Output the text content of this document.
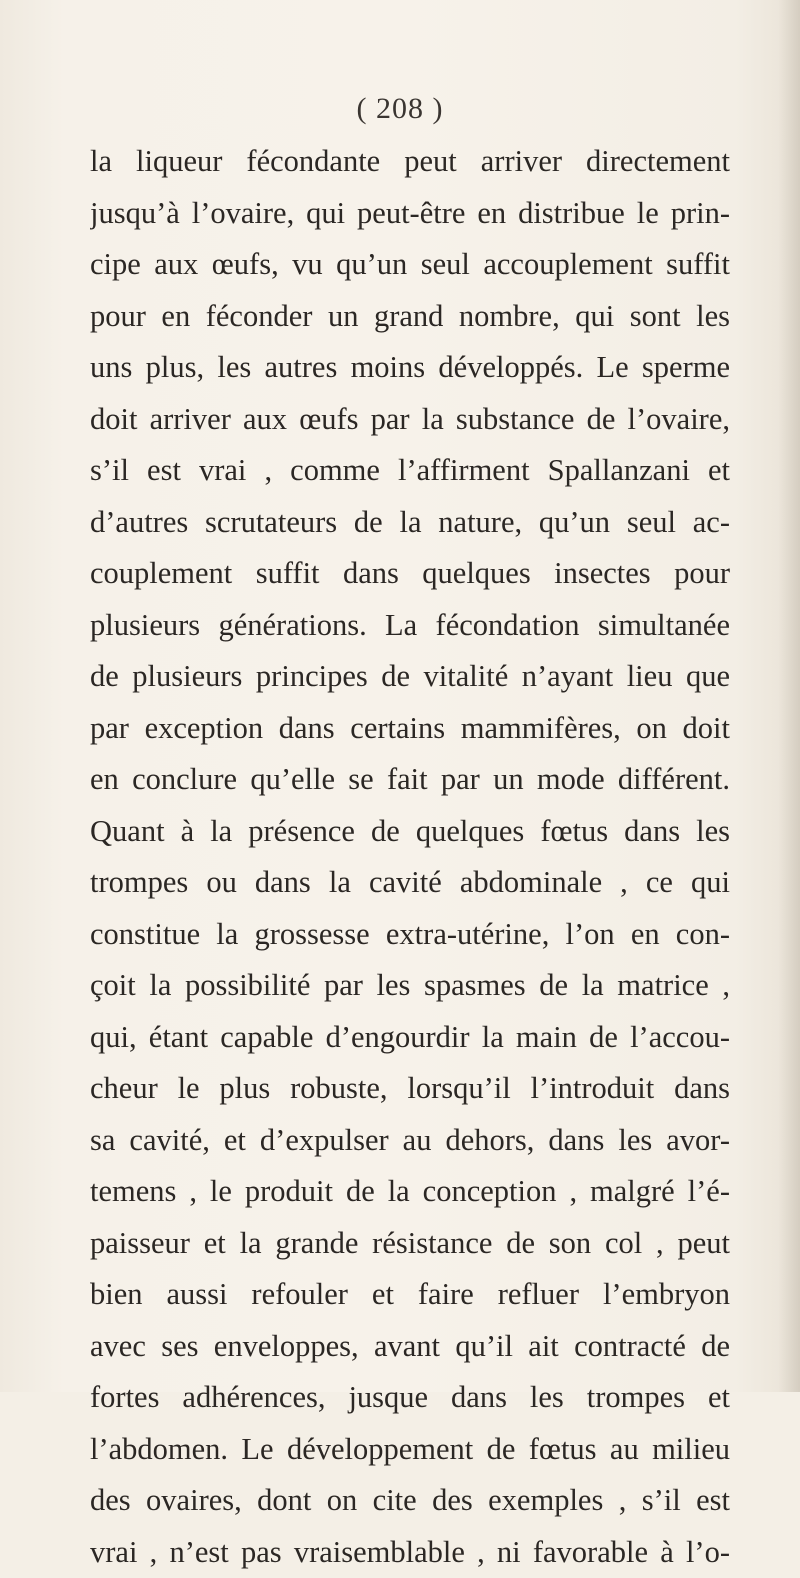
( 208 )
la liqueur fécondante peut arriver directement
jusqu’à l’ovaire, qui peut-être en distribue le prin-
cipe aux œufs, vu qu’un seul accouplement suffit
pour en féconder un grand nombre, qui sont les
uns plus, les autres moins développés. Le sperme
doit arriver aux œufs par la substance de l’ovaire,
s’il est vrai , comme l’affirment Spallanzani et
d’autres scrutateurs de la nature, qu’un seul ac-
couplement suffit dans quelques insectes pour
plusieurs générations. La fécondation simultanée
de plusieurs principes de vitalité n’ayant lieu que
par exception dans certains mammifères, on doit
en conclure qu’elle se fait par un mode différent.
Quant à la présence de quelques fœtus dans les
trompes ou dans la cavité abdominale , ce qui
constitue la grossesse extra-utérine, l’on en con-
çoit la possibilité par les spasmes de la matrice ,
qui, étant capable d’engourdir la main de l’accou-
cheur le plus robuste, lorsqu’il l’introduit dans
sa cavité, et d’expulser au dehors, dans les avor-
temens , le produit de la conception , malgré l’é-
paisseur et la grande résistance de son col , peut
bien aussi refouler et faire refluer l’embryon
avec ses enveloppes, avant qu’il ait contracté de
fortes adhérences, jusque dans les trompes et
l’abdomen. Le développement de fœtus au milieu
des ovaires, dont on cite des exemples , s’il est
vrai , n’est pas vraisemblable , ni favorable à l’o-
